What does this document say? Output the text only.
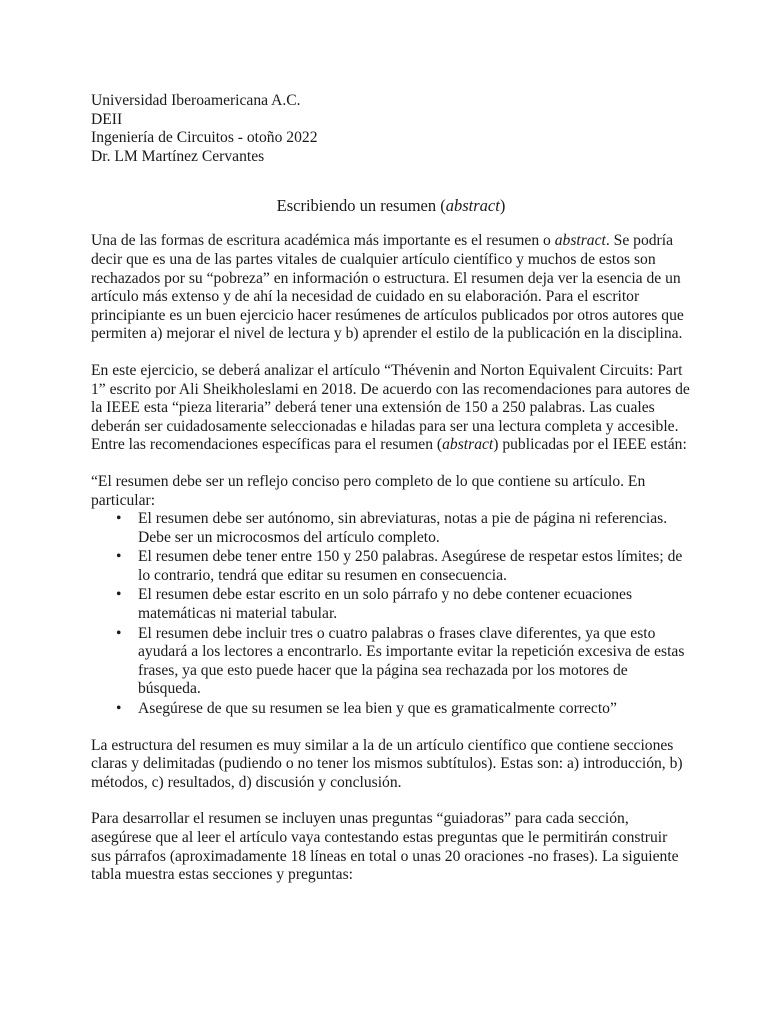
Universidad Iberoamericana A.C.

DEII

Ingeniería de Circuitos - otoño 2022

Dr. LM Martínez Cervantes

Escribiendo un resumen (abstract)

Una de las formas de escritura académica más importante es el resumen o abstract. Se podría decir que es una de las partes vitales de cualquier artículo científico y muchos de estos son rechazados por su “pobreza” en información o estructura. El resumen deja ver la esencia de un artículo más extenso y de ahí la necesidad de cuidado en su elaboración. Para el escritor principiante es un buen ejercicio hacer resúmenes de artículos publicados por otros autores que permiten a) mejorar el nivel de lectura y b) aprender el estilo de la publicación en la disciplina.

En este ejercicio, se deberá analizar el artículo “Thévenin and Norton Equivalent Circuits: Part 1” escrito por Ali Sheikholeslami en 2018. De acuerdo con las recomendaciones para autores de la IEEE esta “pieza literaria” deberá tener una extensión de 150 a 250 palabras. Las cuales deberán ser cuidadosamente seleccionadas e hiladas para ser una lectura completa y accesible. Entre las recomendaciones específicas para el resumen (abstract) publicadas por el IEEE están:

“El resumen debe ser un reflejo conciso pero completo de lo que contiene su artículo. En particular:

• El resumen debe ser autónomo, sin abreviaturas, notas a pie de página ni referencias. Debe ser un microcosmos del artículo completo.
• El resumen debe tener entre 150 y 250 palabras. Asegúrese de respetar estos límites; de lo contrario, tendrá que editar su resumen en consecuencia.
• El resumen debe estar escrito en un solo párrafo y no debe contener ecuaciones matemáticas ni material tabular.
• El resumen debe incluir tres o cuatro palabras o frases clave diferentes, ya que esto ayudará a los lectores a encontrarlo. Es importante evitar la repetición excesiva de estas frases, ya que esto puede hacer que la página sea rechazada por los motores de búsqueda.
• Asegúrese de que su resumen se lea bien y que es gramaticalmente correcto”

La estructura del resumen es muy similar a la de un artículo científico que contiene secciones claras y delimitadas (pudiendo o no tener los mismos subtítulos). Estas son: a) introducción, b) métodos, c) resultados, d) discusión y conclusión.

Para desarrollar el resumen se incluyen unas preguntas “guiadoras” para cada sección, asegúrese que al leer el artículo vaya contestando estas preguntas que le permitirán construir sus párrafos (aproximadamente 18 líneas en total o unas 20 oraciones -no frases). La siguiente tabla muestra estas secciones y preguntas:
